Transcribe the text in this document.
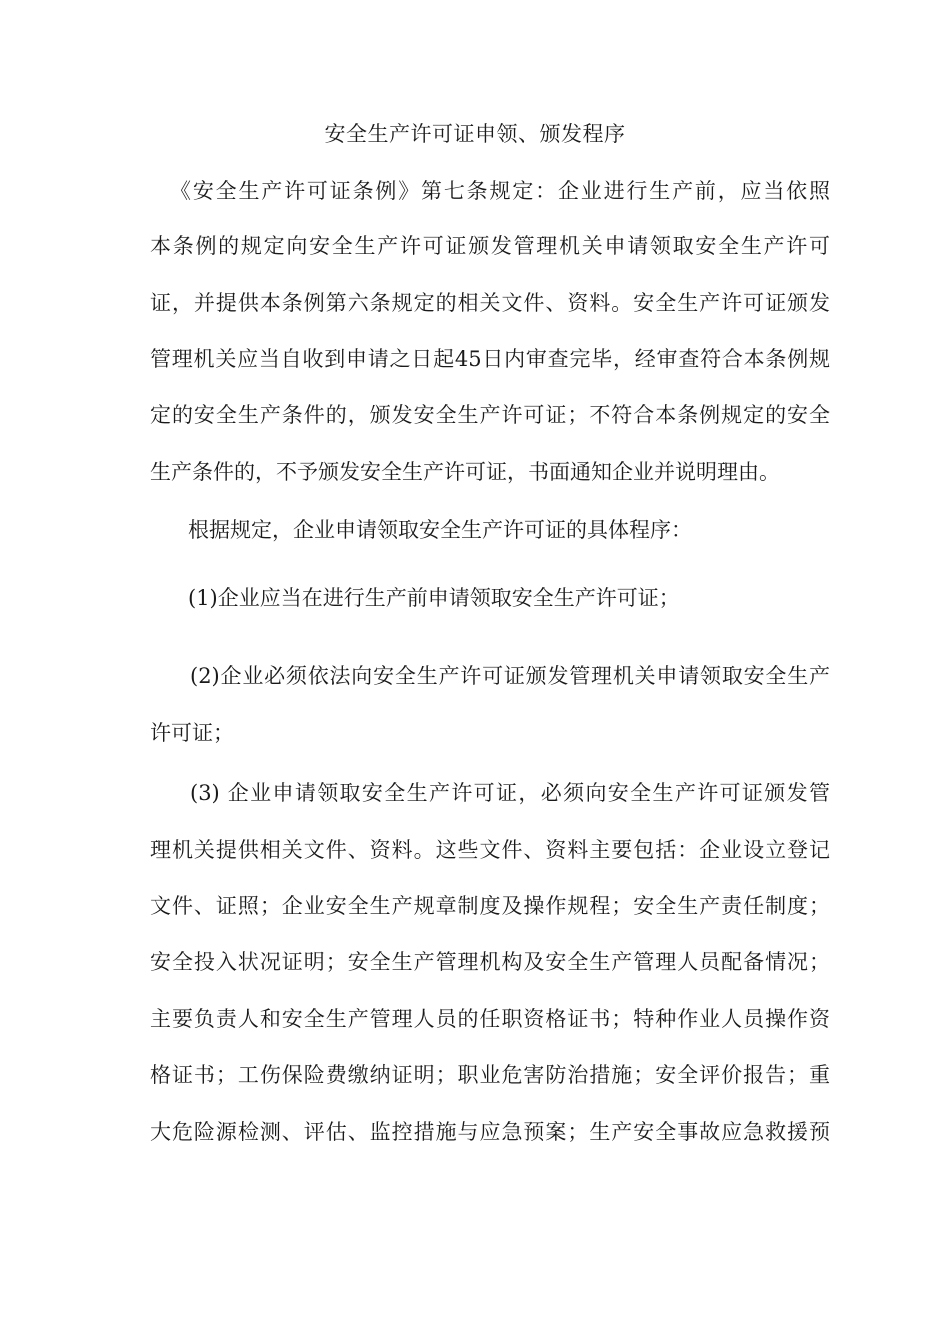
安全生产许可证申领、颁发程序
《安全生产许可证条例》第七条规定：企业进行生产前，应当依照
本条例的规定向安全生产许可证颁发管理机关申请领取安全生产许可
证，并提供本条例第六条规定的相关文件、资料。安全生产许可证颁发
管理机关应当自收到申请之日起45日内审查完毕，经审查符合本条例规
定的安全生产条件的，颁发安全生产许可证；不符合本条例规定的安全
生产条件的，不予颁发安全生产许可证，书面通知企业并说明理由。
根据规定，企业申请领取安全生产许可证的具体程序：
(1)企业应当在进行生产前申请领取安全生产许可证；
(2)企业必须依法向安全生产许可证颁发管理机关申请领取安全生产
许可证；
(3) 企业申请领取安全生产许可证，必须向安全生产许可证颁发管
理机关提供相关文件、资料。这些文件、资料主要包括：企业设立登记
文件、证照；企业安全生产规章制度及操作规程；安全生产责任制度；
安全投入状况证明；安全生产管理机构及安全生产管理人员配备情况；
主要负责人和安全生产管理人员的任职资格证书；特种作业人员操作资
格证书；工伤保险费缴纳证明；职业危害防治措施；安全评价报告；重
大危险源检测、评估、监控措施与应急预案；生产安全事故应急救援预
